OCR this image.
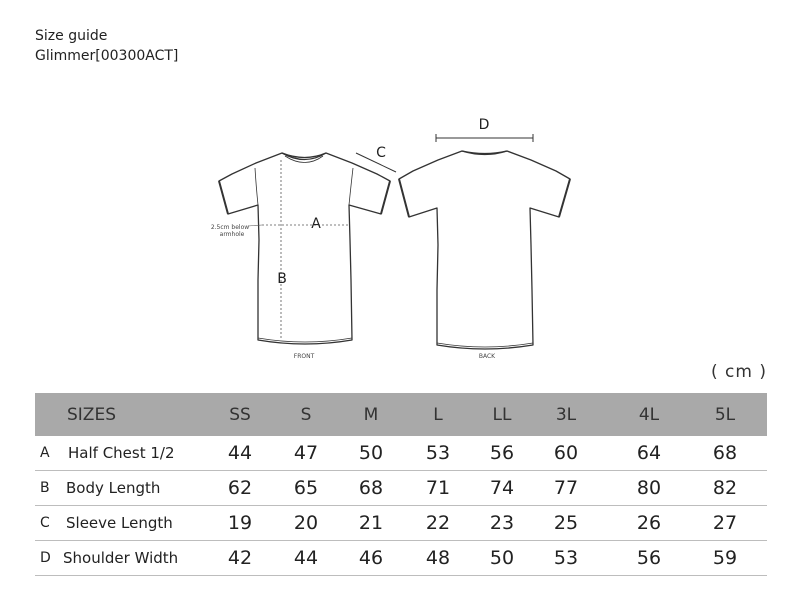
Size guide
Glimmer[00300ACT]
A
B
C
D
2.5cm below
armhole
FRONT	BACK
( cm )
SIZES	SS	S	M	L	LL	3L	4L	5L
A	Half Chest 1/2	44	47	50	53	56	60	64	68
B	Body Length	62	65	68	71	74	77	80	82
C	Sleeve Length	19	20	21	22	23	25	26	27
D Shoulder Width	42	44	46	48	50	53	56	59
